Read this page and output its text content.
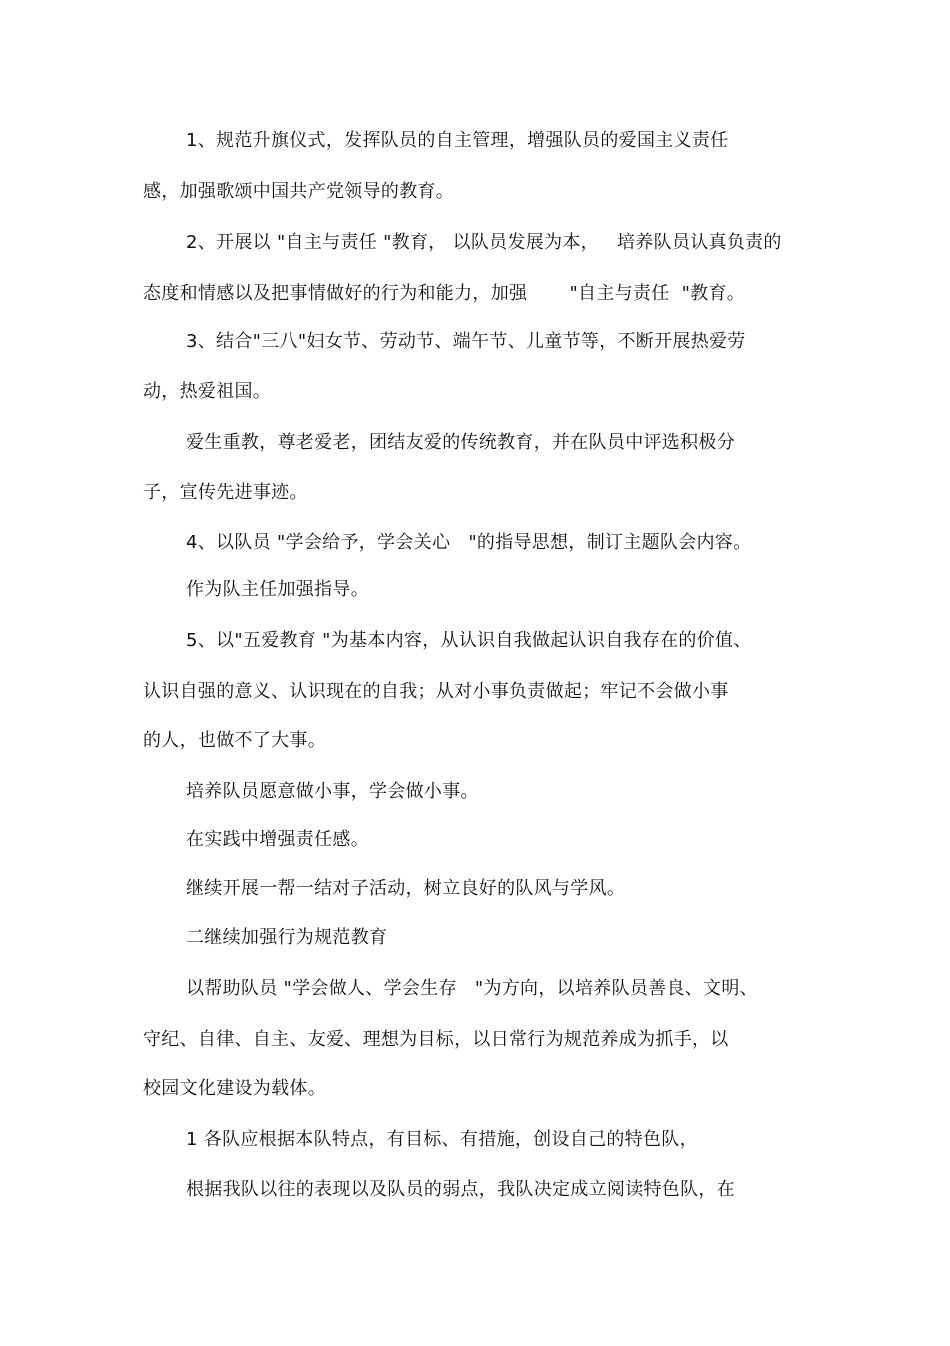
1、规范升旗仪式，发挥队员的自主管理，增强队员的爱国主义责任
感，加强歌颂中国共产党领导的教育。
2、开展以 "自主与责任 "教育， 以队员发展为本，   培养队员认真负责的
态度和情感以及把事情做好的行为和能力，加强       "自主与责任  "教育。
3、结合"三八"妇女节、劳动节、端午节、儿童节等，不断开展热爱劳
动，热爱祖国。
爱生重教，尊老爱老，团结友爱的传统教育，并在队员中评选积极分
子，宣传先进事迹。
4、以队员 "学会给予，学会关心   "的指导思想，制订主题队会内容。
作为队主任加强指导。
5、以"五爱教育 "为基本内容，从认识自我做起认识自我存在的价值、
认识自强的意义、认识现在的自我；从对小事负责做起；牢记不会做小事
的人，也做不了大事。
培养队员愿意做小事，学会做小事。
在实践中增强责任感。
继续开展一帮一结对子活动，树立良好的队风与学风。
二继续加强行为规范教育
以帮助队员 "学会做人、学会生存   "为方向，以培养队员善良、文明、
守纪、自律、自主、友爱、理想为目标，以日常行为规范养成为抓手，以
校园文化建设为载体。
1 各队应根据本队特点，有目标、有措施，创设自己的特色队，
根据我队以往的表现以及队员的弱点，我队决定成立阅读特色队，在
